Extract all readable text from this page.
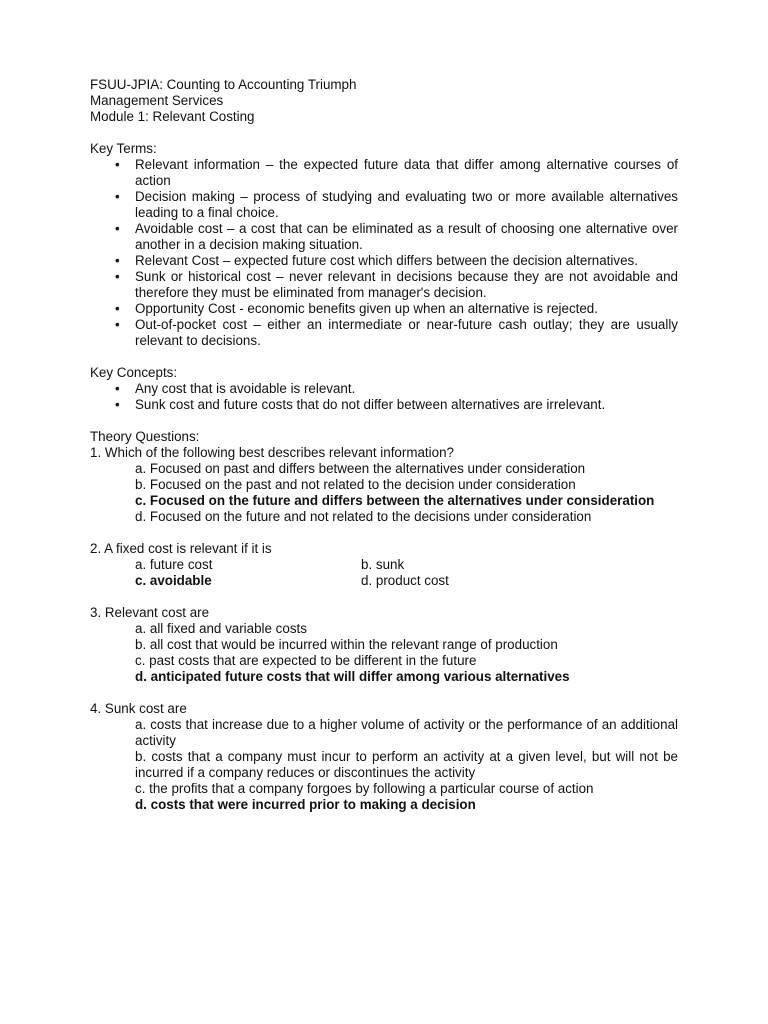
FSUU-JPIA: Counting to Accounting Triumph
Management Services
Module 1: Relevant Costing
Key Terms:
• Relevant information – the expected future data that differ among alternative courses of action
• Decision making – process of studying and evaluating two or more available alternatives leading to a final choice.
• Avoidable cost – a cost that can be eliminated as a result of choosing one alternative over another in a decision making situation.
• Relevant Cost – expected future cost which differs between the decision alternatives.
• Sunk or historical cost – never relevant in decisions because they are not avoidable and therefore they must be eliminated from manager's decision.
• Opportunity Cost - economic benefits given up when an alternative is rejected.
• Out-of-pocket cost – either an intermediate or near-future cash outlay; they are usually relevant to decisions.
Key Concepts:
• Any cost that is avoidable is relevant.
• Sunk cost and future costs that do not differ between alternatives are irrelevant.
Theory Questions:
1. Which of the following best describes relevant information?
a. Focused on past and differs between the alternatives under consideration
b. Focused on the past and not related to the decision under consideration
c. Focused on the future and differs between the alternatives under consideration
d. Focused on the future and not related to the decisions under consideration
2. A fixed cost is relevant if it is
a. future cost	b. sunk
c. avoidable	d. product cost
3. Relevant cost are
a. all fixed and variable costs
b. all cost that would be incurred within the relevant range of production
c. past costs that are expected to be different in the future
d. anticipated future costs that will differ among various alternatives
4. Sunk cost are
a. costs that increase due to a higher volume of activity or the performance of an additional activity
b. costs that a company must incur to perform an activity at a given level, but will not be incurred if a company reduces or discontinues the activity
c. the profits that a company forgoes by following a particular course of action
d. costs that were incurred prior to making a decision
